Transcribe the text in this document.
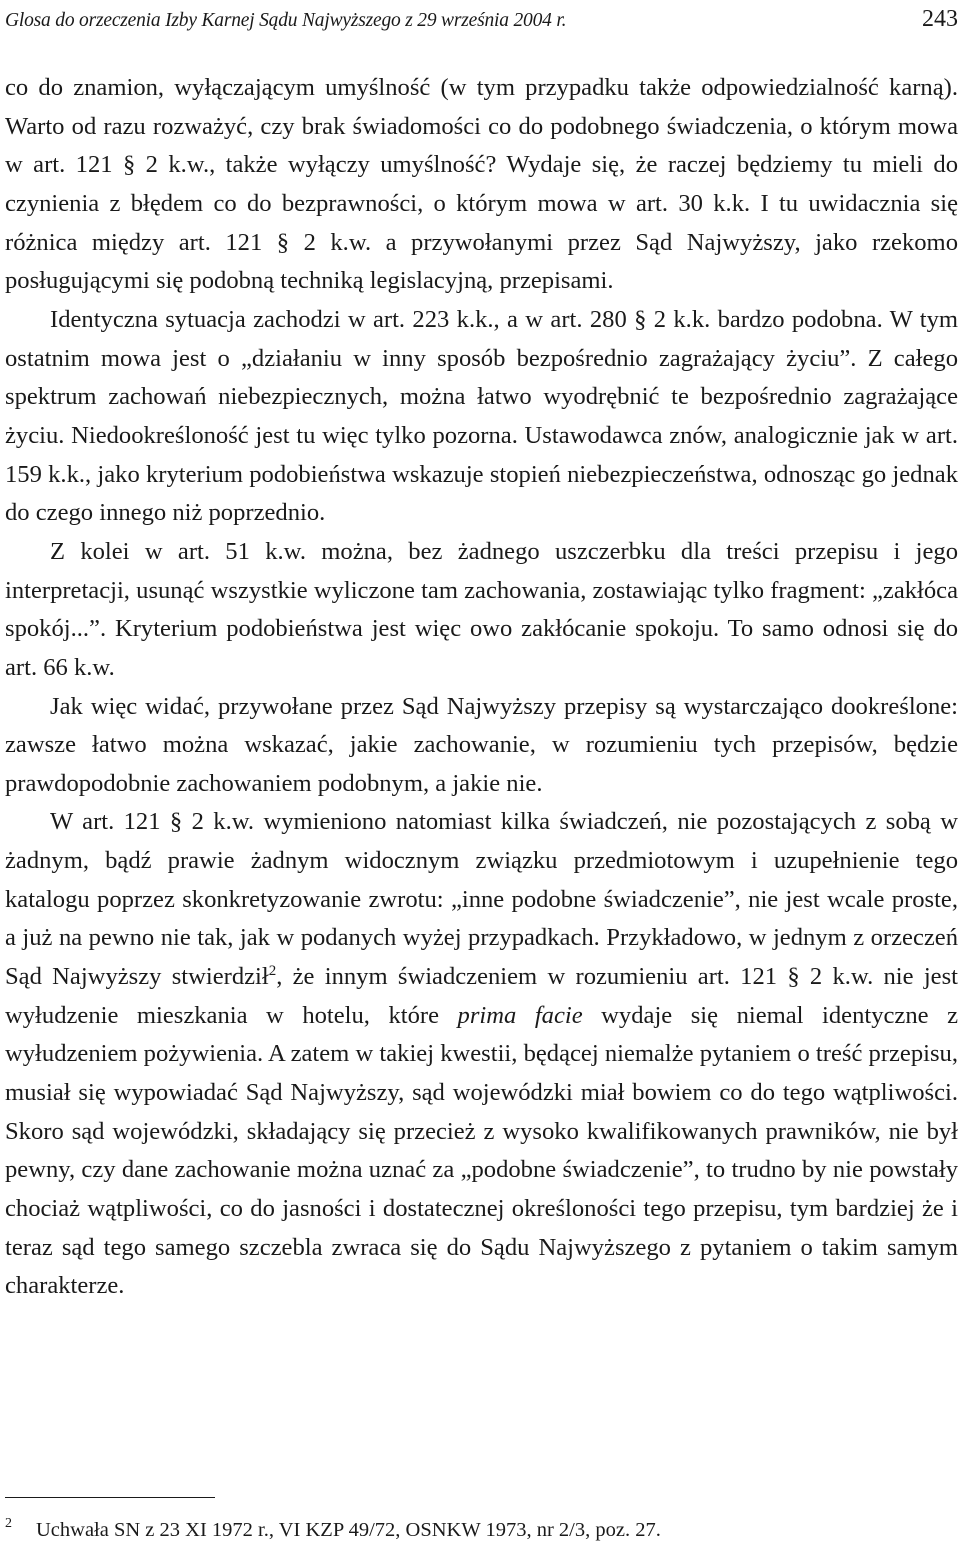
Glosa do orzeczenia Izby Karnej Sądu Najwyższego z 29 września 2004 r.	243

co do znamion, wyłączającym umyślność (w tym przypadku także odpowiedzialność karną). Warto od razu rozważyć, czy brak świadomości co do podobnego świadczenia, o którym mowa w art. 121 § 2 k.w., także wyłączy umyślność? Wydaje się, że raczej będziemy tu mieli do czynienia z błędem co do bezprawności, o którym mowa w art. 30 k.k. I tu uwidacznia się różnica między art. 121 § 2 k.w. a przywołanymi przez Sąd Najwyższy, jako rzekomo posługującymi się podobną techniką legislacyjną, przepisami.

Identyczna sytuacja zachodzi w art. 223 k.k., a w art. 280 § 2 k.k. bardzo podobna. W tym ostatnim mowa jest o „działaniu w inny sposób bezpośrednio zagrażający życiu”. Z całego spektrum zachowań niebezpiecznych, można łatwo wyodrębnić te bezpośrednio zagrażające życiu. Niedookreśloność jest tu więc tylko pozorna. Ustawodawca znów, analogicznie jak w art. 159 k.k., jako kryterium podobieństwa wskazuje stopień niebezpieczeństwa, odnosząc go jednak do czego innego niż poprzednio.

Z kolei w art. 51 k.w. można, bez żadnego uszczerbku dla treści przepisu i jego interpretacji, usunąć wszystkie wyliczone tam zachowania, zostawiając tylko fragment: „zakłóca spokój...”. Kryterium podobieństwa jest więc owo zakłócanie spokoju. To samo odnosi się do art. 66 k.w.

Jak więc widać, przywołane przez Sąd Najwyższy przepisy są wystarczająco dookreślone: zawsze łatwo można wskazać, jakie zachowanie, w rozumieniu tych przepisów, będzie prawdopodobnie zachowaniem podobnym, a jakie nie.

W art. 121 § 2 k.w. wymieniono natomiast kilka świadczeń, nie pozostających z sobą w żadnym, bądź prawie żadnym widocznym związku przedmiotowym i uzupełnienie tego katalogu poprzez skonkretyzowanie zwrotu: „inne podobne świadczenie”, nie jest wcale proste, a już na pewno nie tak, jak w podanych wyżej przypadkach. Przykładowo, w jednym z orzeczeń Sąd Najwyższy stwierdził$^2$, że innym świadczeniem w rozumieniu art. 121 § 2 k.w. nie jest wyłudzenie mieszkania w hotelu, które prima facie wydaje się niemal identyczne z wyłudzeniem pożywienia. A zatem w takiej kwestii, będącej niemalże pytaniem o treść przepisu, musiał się wypowiadać Sąd Najwyższy, sąd wojewódzki miał bowiem co do tego wątpliwości. Skoro sąd wojewódzki, składający się przecież z wysoko kwalifikowanych prawników, nie był pewny, czy dane zachowanie można uznać za „podobne świadczenie”, to trudno by nie powstały chociaż wątpliwości, co do jasności i dostatecznej określoności tego przepisu, tym bardziej że i teraz sąd tego samego szczebla zwraca się do Sądu Najwyższego z pytaniem o takim samym charakterze.

2 Uchwała SN z 23 XI 1972 r., VI KZP 49/72, OSNKW 1973, nr 2/3, poz. 27.
